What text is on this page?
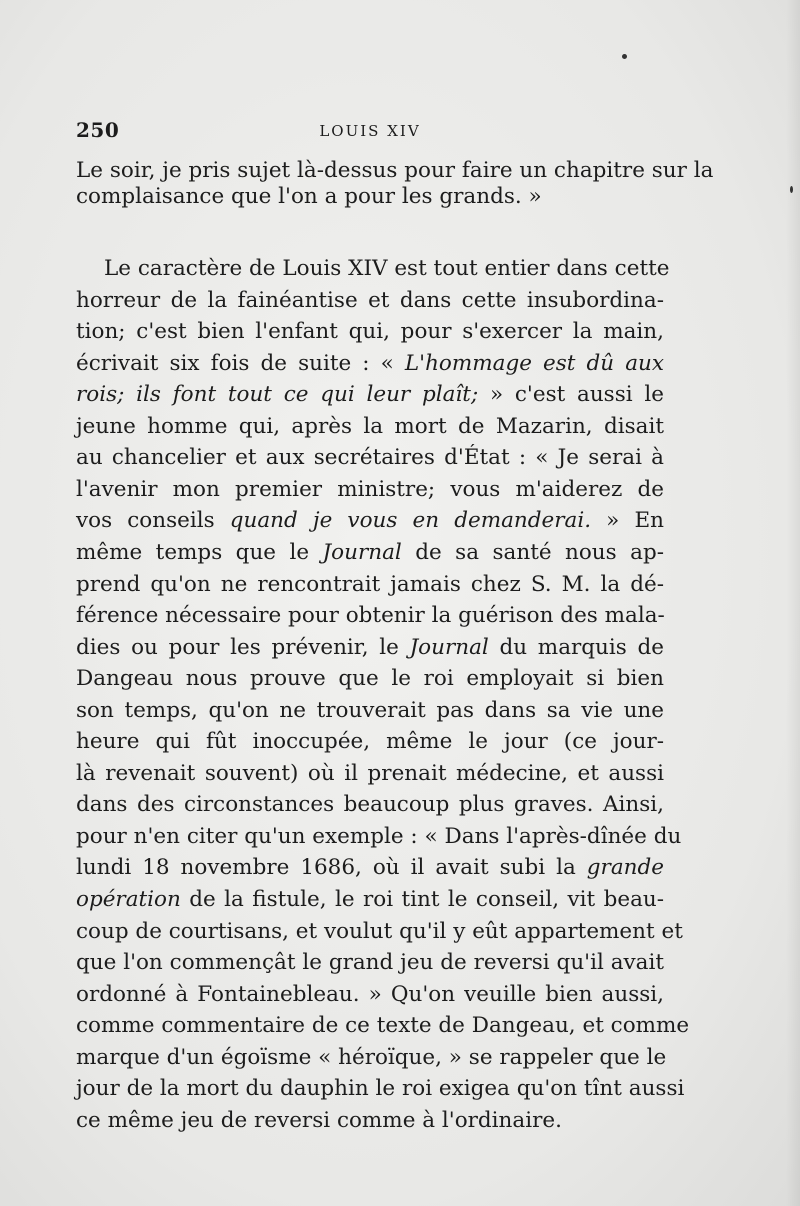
250	LOUIS XIV
Le soir, je pris sujet là-dessus pour faire un chapitre sur la
complaisance que l'on a pour les grands. »
Le caractère de Louis XIV est tout entier dans cette
horreur de la fainéantise et dans cette insubordina-
tion; c'est bien l'enfant qui, pour s'exercer la main,
écrivait six fois de suite : « L'hommage est dû aux
rois; ils font tout ce qui leur plaît; » c'est aussi le
jeune homme qui, après la mort de Mazarin, disait
au chancelier et aux secrétaires d'État : « Je serai à
l'avenir mon premier ministre; vous m'aiderez de
vos conseils quand je vous en demanderai. » En
même temps que le Journal de sa santé nous ap-
prend qu'on ne rencontrait jamais chez S. M. la dé-
férence nécessaire pour obtenir la guérison des mala-
dies ou pour les prévenir, le Journal du marquis de
Dangeau nous prouve que le roi employait si bien
son temps, qu'on ne trouverait pas dans sa vie une
heure qui fût inoccupée, même le jour (ce jour-
là revenait souvent) où il prenait médecine, et aussi
dans des circonstances beaucoup plus graves. Ainsi,
pour n'en citer qu'un exemple : « Dans l'après-dînée du
lundi 18 novembre 1686, où il avait subi la grande
opération de la fistule, le roi tint le conseil, vit beau-
coup de courtisans, et voulut qu'il y eût appartement et
que l'on commençât le grand jeu de reversi qu'il avait
ordonné à Fontainebleau. » Qu'on veuille bien aussi,
comme commentaire de ce texte de Dangeau, et comme
marque d'un égoïsme « héroïque, » se rappeler que le
jour de la mort du dauphin le roi exigea qu'on tînt aussi
ce même jeu de reversi comme à l'ordinaire.
